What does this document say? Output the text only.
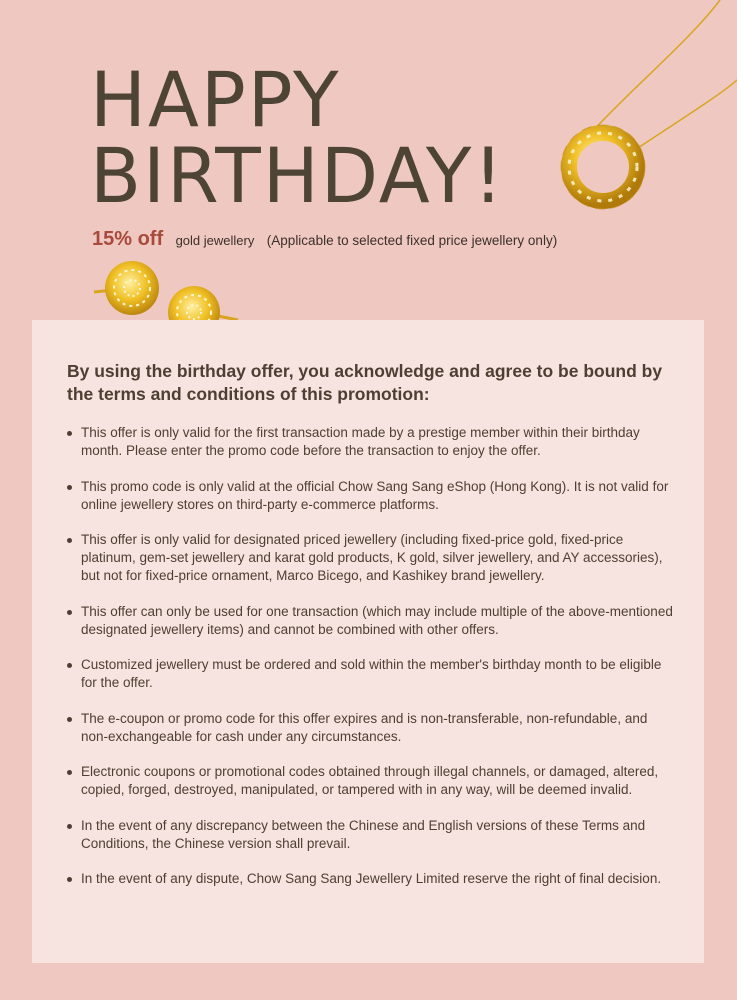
HAPPY
BIRTHDAY!
15% off gold jewellery (Applicable to selected fixed price jewellery only)
By using the birthday offer, you acknowledge and agree to be bound by the terms and conditions of this promotion:
This offer is only valid for the first transaction made by a prestige member within their birthday month. Please enter the promo code before the transaction to enjoy the offer.
This promo code is only valid at the official Chow Sang Sang eShop (Hong Kong). It is not valid for online jewellery stores on third-party e-commerce platforms.
This offer is only valid for designated priced jewellery (including fixed-price gold, fixed-price platinum, gem-set jewellery and karat gold products, K gold, silver jewellery, and AY accessories), but not for fixed-price ornament, Marco Bicego, and Kashikey brand jewellery.
This offer can only be used for one transaction (which may include multiple of the above-mentioned designated jewellery items) and cannot be combined with other offers.
Customized jewellery must be ordered and sold within the member's birthday month to be eligible for the offer.
The e-coupon or promo code for this offer expires and is non-transferable, non-refundable, and non-exchangeable for cash under any circumstances.
Electronic coupons or promotional codes obtained through illegal channels, or damaged, altered, copied, forged, destroyed, manipulated, or tampered with in any way, will be deemed invalid.
In the event of any discrepancy between the Chinese and English versions of these Terms and Conditions, the Chinese version shall prevail.
In the event of any dispute, Chow Sang Sang Jewellery Limited reserve the right of final decision.
